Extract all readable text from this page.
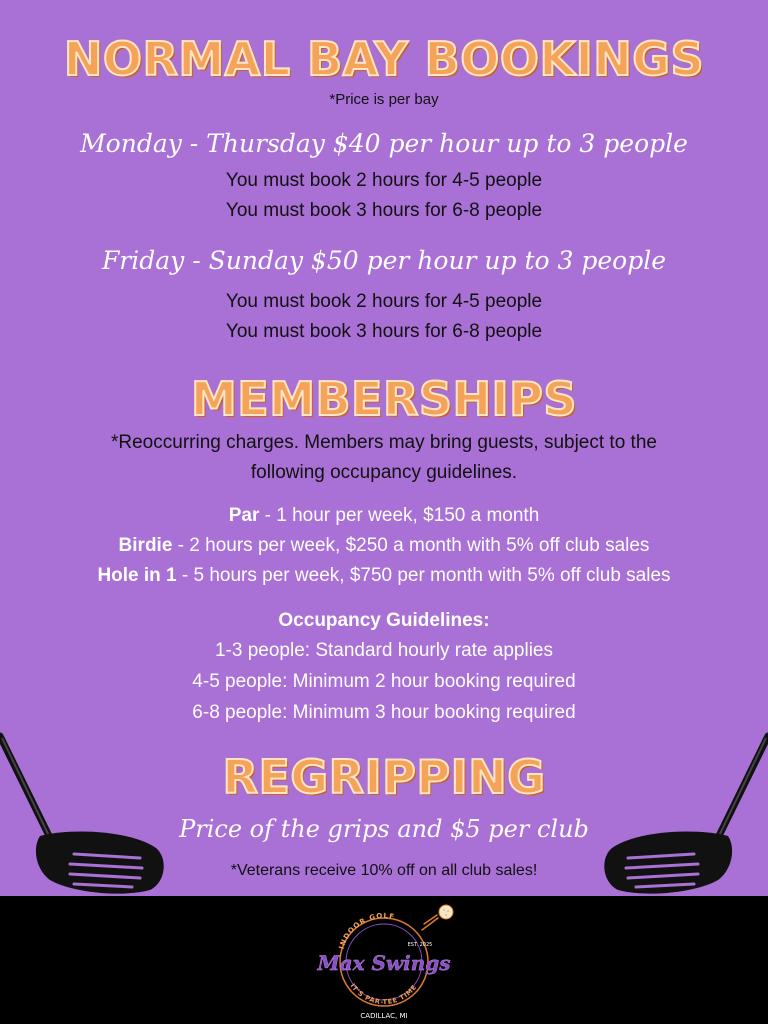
NORMAL BAY BOOKINGS
*Price is per bay
Monday - Thursday $40 per hour up to 3 people
You must book 2 hours for 4-5 people
You must book 3 hours for 6-8 people
Friday - Sunday $50 per hour up to 3 people
You must book 2 hours for 4-5 people
You must book 3 hours for 6-8 people
MEMBERSHIPS
*Reoccurring charges. Members may bring guests, subject to the
following occupancy guidelines.
Par - 1 hour per week, $150 a month
Birdie - 2 hours per week, $250 a month with 5% off club sales
Hole in 1 - 5 hours per week, $750 per month with 5% off club sales
Occupancy Guidelines:
1-3 people: Standard hourly rate applies
4-5 people: Minimum 2 hour booking required
6-8 people: Minimum 3 hour booking required
REGRIPPING
Price of the grips and $5 per club
*Veterans receive 10% off on all club sales!
INDOOR GOLF
IT'S PAR-TEE TIME
Max Swings
EST. 2025
CADILLAC, MI
